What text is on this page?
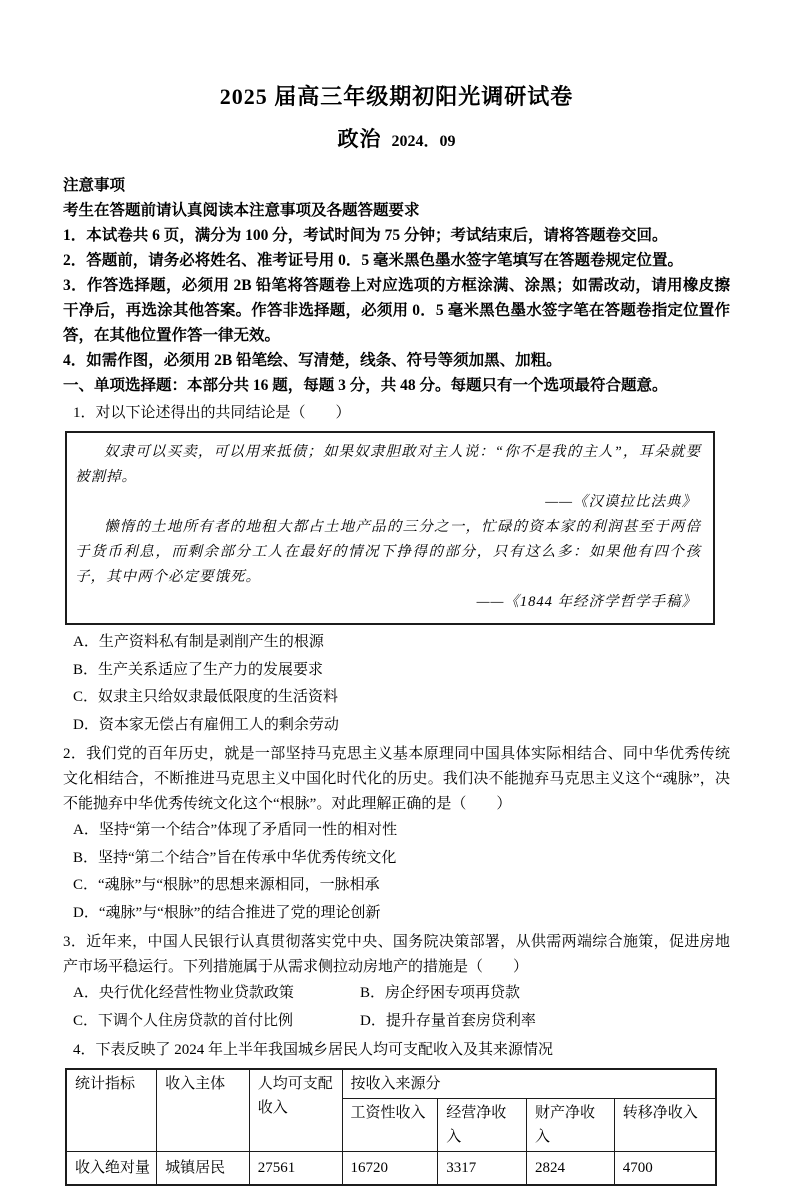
2025 届高三年级期初阳光调研试卷
政治 2024．09
注意事项
考生在答题前请认真阅读本注意事项及各题答题要求
1．本试卷共 6 页，满分为 100 分，考试时间为 75 分钟；考试结束后，请将答题卷交回。
2．答题前，请务必将姓名、准考证号用 0．5 毫米黑色墨水签字笔填写在答题卷规定位置。
3．作答选择题，必须用 2B 铅笔将答题卷上对应选项的方框涂满、涂黑；如需改动，请用橡皮擦干净后，再选涂其他答案。作答非选择题，必须用 0．5 毫米黑色墨水签字笔在答题卷指定位置作答，在其他位置作答一律无效。
4．如需作图，必须用 2B 铅笔绘、写清楚，线条、符号等须加黑、加粗。
一、单项选择题：本部分共 16 题，每题 3 分，共 48 分。每题只有一个选项最符合题意。
1．对以下论述得出的共同结论是（　　）
奴隶可以买卖，可以用来抵债；如果奴隶胆敢对主人说：“你不是我的主人”，耳朵就要被割掉。
——《汉谟拉比法典》
懒惰的土地所有者的地租大都占土地产品的三分之一，忙碌的资本家的利润甚至于两倍于货币利息，而剩余部分工人在最好的情况下挣得的部分，只有这么多：如果他有四个孩子，其中两个必定要饿死。
——《1844 年经济学哲学手稿》
A．生产资料私有制是剥削产生的根源
B．生产关系适应了生产力的发展要求
C．奴隶主只给奴隶最低限度的生活资料
D．资本家无偿占有雇佣工人的剩余劳动
2．我们党的百年历史，就是一部坚持马克思主义基本原理同中国具体实际相结合、同中华优秀传统文化相结合，不断推进马克思主义中国化时代化的历史。我们决不能抛弃马克思主义这个“魂脉”，决不能抛弃中华优秀传统文化这个“根脉”。对此理解正确的是（　　）
A．坚持“第一个结合”体现了矛盾同一性的相对性
B．坚持“第二个结合”旨在传承中华优秀传统文化
C．“魂脉”与“根脉”的思想来源相同，一脉相承
D．“魂脉”与“根脉”的结合推进了党的理论创新
3．近年来，中国人民银行认真贯彻落实党中央、国务院决策部署，从供需两端综合施策，促进房地产市场平稳运行。下列措施属于从需求侧拉动房地产的措施是（　　）
A．央行优化经营性物业贷款政策	B．房企纾困专项再贷款
C．下调个人住房贷款的首付比例	D．提升存量首套房贷利率
4．下表反映了 2024 年上半年我国城乡居民人均可支配收入及其来源情况
统计指标	收入主体	人均可支配收入	按收入来源分			
			工资性收入	经营净收入	财产净收入	转移净收入
收入绝对量	城镇居民	27561	16720	3317	2824	4700
